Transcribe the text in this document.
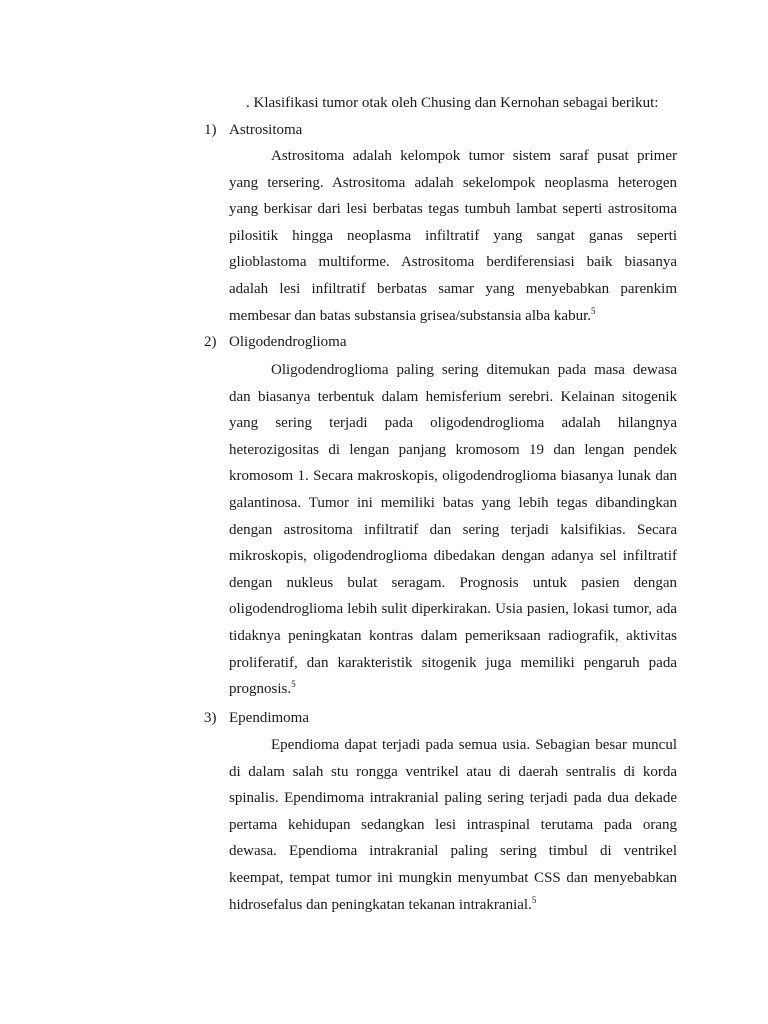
. Klasifikasi tumor otak oleh Chusing dan Kernohan sebagai berikut:
1) Astrositoma

Astrositoma adalah kelompok tumor sistem saraf pusat primer yang tersering. Astrositoma adalah sekelompok neoplasma heterogen yang berkisar dari lesi berbatas tegas tumbuh lambat seperti astrositoma pilositik hingga neoplasma infiltratif yang sangat ganas seperti glioblastoma multiforme. Astrositoma berdiferensiasi baik biasanya adalah lesi infiltratif berbatas samar yang menyebabkan parenkim membesar dan batas substansia grisea/substansia alba kabur.$^5$

2) Oligodendroglioma

Oligodendroglioma paling sering ditemukan pada masa dewasa dan biasanya terbentuk dalam hemisferium serebri. Kelainan sitogenik yang sering terjadi pada oligodendroglioma adalah hilangnya heterozigositas di lengan panjang kromosom 19 dan lengan pendek kromosom 1. Secara makroskopis, oligodendroglioma biasanya lunak dan galantinosa. Tumor ini memiliki batas yang lebih tegas dibandingkan dengan astrositoma infiltratif dan sering terjadi kalsifikias. Secara mikroskopis, oligodendroglioma dibedakan dengan adanya sel infiltratif dengan nukleus bulat seragam. Prognosis untuk pasien dengan oligodendroglioma lebih sulit diperkirakan. Usia pasien, lokasi tumor, ada tidaknya peningkatan kontras dalam pemeriksaan radiografik, aktivitas proliferatif, dan karakteristik sitogenik juga memiliki pengaruh pada prognosis.$^5$

3) Ependimoma

Ependioma dapat terjadi pada semua usia. Sebagian besar muncul di dalam salah stu rongga ventrikel atau di daerah sentralis di korda spinalis. Ependimoma intrakranial paling sering terjadi pada dua dekade pertama kehidupan sedangkan lesi intraspinal terutama pada orang dewasa. Ependioma intrakranial paling sering timbul di ventrikel keempat, tempat tumor ini mungkin menyumbat CSS dan menyebabkan hidrosefalus dan peningkatan tekanan intrakranial.$^5$
